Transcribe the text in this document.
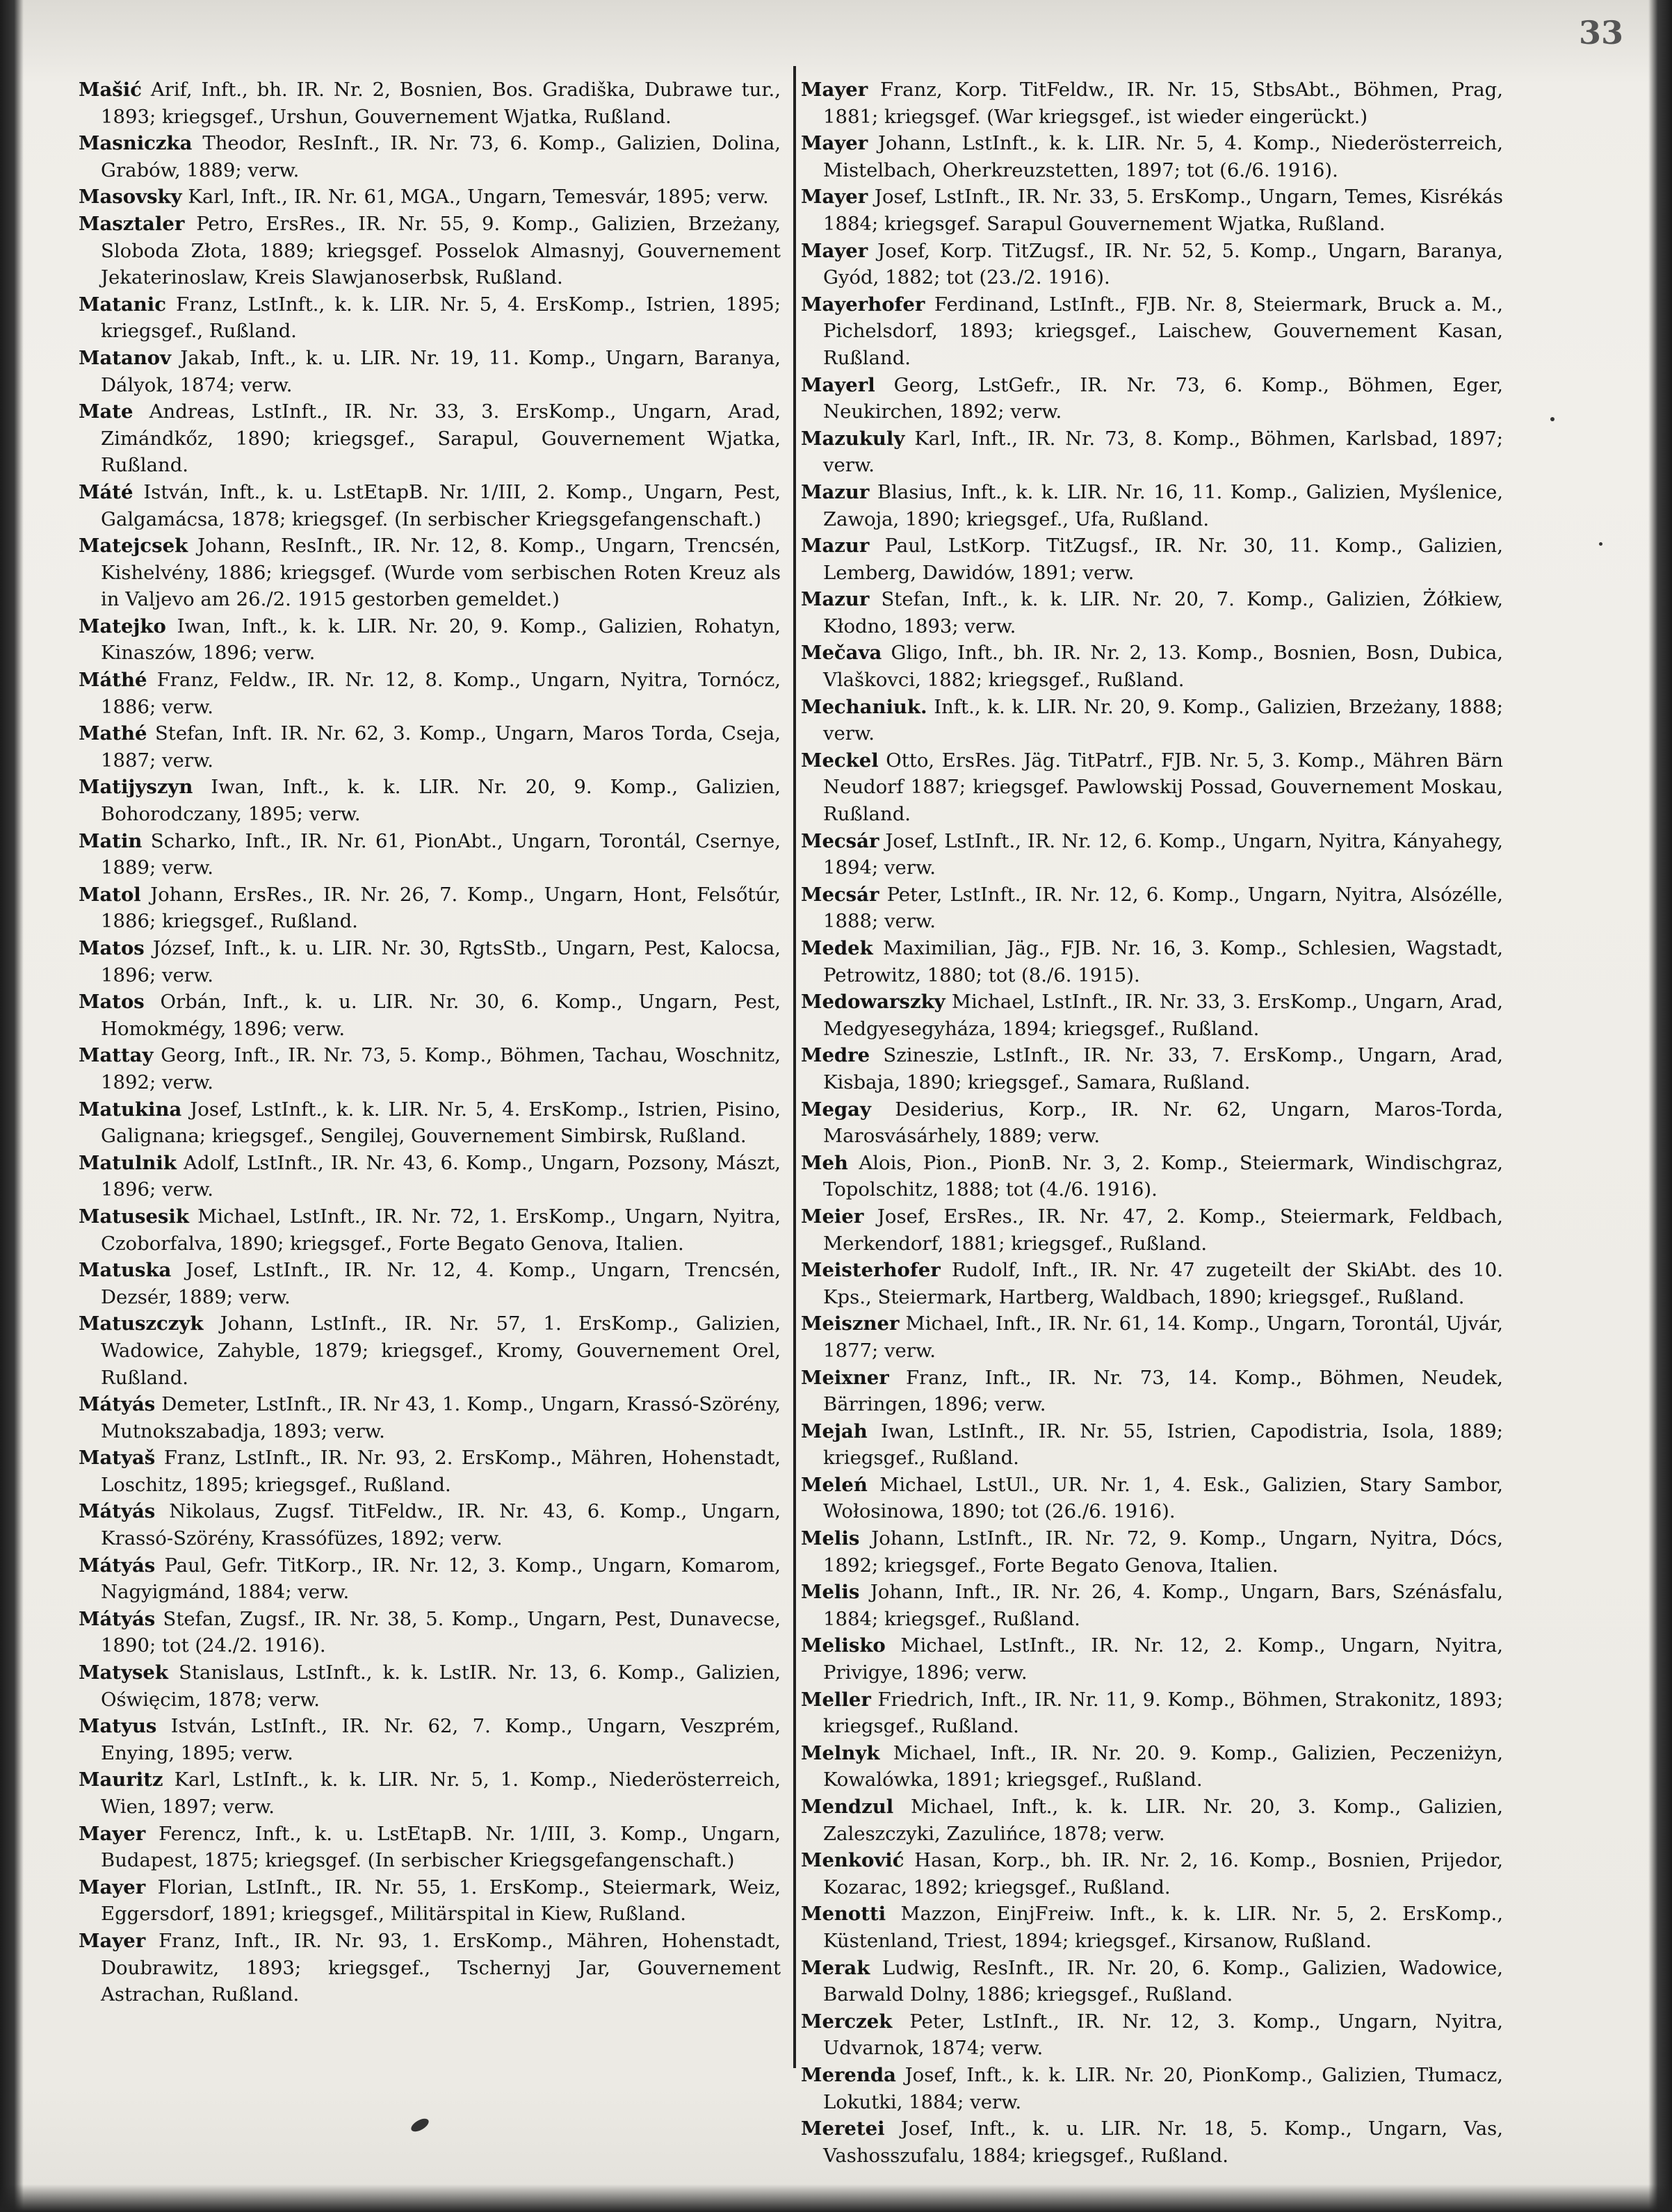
33

Mašić Arif, Inft., bh. IR. Nr. 2, Bosnien, Bos. Gradiška, Dubrawe tur., 1893; kriegsgef., Urshun, Gouvernement Wjatka, Rußland.

Masniczka Theodor, ResInft., IR. Nr. 73, 6. Komp., Galizien, Dolina, Grabów, 1889; verw.

Masovsky Karl, Inft., IR. Nr. 61, MGA., Ungarn, Temesvár, 1895; verw.

Masztaler Petro, ErsRes., IR. Nr. 55, 9. Komp., Galizien, Brzeżany, Sloboda Złota, 1889; kriegsgef. Posselok Almasnyj, Gouvernement Jekaterinoslaw, Kreis Slawjanoserbsk, Rußland.

Matanic Franz, LstInft., k. k. LIR. Nr. 5, 4. ErsKomp., Istrien, 1895; kriegsgef., Rußland.

Matanov Jakab, Inft., k. u. LIR. Nr. 19, 11. Komp., Ungarn, Baranya, Dályok, 1874; verw.

Mate Andreas, LstInft., IR. Nr. 33, 3. ErsKomp., Ungarn, Arad, Zimándkőz, 1890; kriegsgef., Sarapul, Gouvernement Wjatka, Rußland.

Máté István, Inft., k. u. LstEtapB. Nr. 1/III, 2. Komp., Ungarn, Pest, Galgamácsa, 1878; kriegsgef. (In serbischer Kriegsgefangenschaft.)

Matejcsek Johann, ResInft., IR. Nr. 12, 8. Komp., Ungarn, Trencsén, Kishelvény, 1886; kriegsgef. (Wurde vom serbischen Roten Kreuz als in Valjevo am 26./2. 1915 gestorben gemeldet.)

Matejko Iwan, Inft., k. k. LIR. Nr. 20, 9. Komp., Galizien, Rohatyn, Kinaszów, 1896; verw.

Máthé Franz, Feldw., IR. Nr. 12, 8. Komp., Ungarn, Nyitra, Tornócz, 1886; verw.

Mathé Stefan, Inft. IR. Nr. 62, 3. Komp., Ungarn, Maros Torda, Cseja, 1887; verw.

Matijyszyn Iwan, Inft., k. k. LIR. Nr. 20, 9. Komp., Galizien, Bohorodczany, 1895; verw.

Matin Scharko, Inft., IR. Nr. 61, PionAbt., Ungarn, Torontál, Csernye, 1889; verw.

Matol Johann, ErsRes., IR. Nr. 26, 7. Komp., Ungarn, Hont, Felsőtúr, 1886; kriegsgef., Rußland.

Matos József, Inft., k. u. LIR. Nr. 30, RgtsStb., Ungarn, Pest, Kalocsa, 1896; verw.

Matos Orbán, Inft., k. u. LIR. Nr. 30, 6. Komp., Ungarn, Pest, Homokmégy, 1896; verw.

Mattay Georg, Inft., IR. Nr. 73, 5. Komp., Böhmen, Tachau, Woschnitz, 1892; verw.

Matukina Josef, LstInft., k. k. LIR. Nr. 5, 4. ErsKomp., Istrien, Pisino, Galignana; kriegsgef., Sengilej, Gouvernement Simbirsk, Rußland.

Matulnik Adolf, LstInft., IR. Nr. 43, 6. Komp., Ungarn, Pozsony, Mászt, 1896; verw.

Matusesik Michael, LstInft., IR. Nr. 72, 1. ErsKomp., Ungarn, Nyitra, Czoborfalva, 1890; kriegsgef., Forte Begato Genova, Italien.

Matuska Josef, LstInft., IR. Nr. 12, 4. Komp., Ungarn, Trencsén, Dezsér, 1889; verw.

Matuszczyk Johann, LstInft., IR. Nr. 57, 1. ErsKomp., Galizien, Wadowice, Zahyble, 1879; kriegsgef., Kromy, Gouvernement Orel, Rußland.

Mátyás Demeter, LstInft., IR. Nr 43, 1. Komp., Ungarn, Krassó-Szörény, Mutnokszabadja, 1893; verw.

Matyaš Franz, LstInft., IR. Nr. 93, 2. ErsKomp., Mähren, Hohenstadt, Loschitz, 1895; kriegsgef., Rußland.

Mátyás Nikolaus, Zugsf. TitFeldw., IR. Nr. 43, 6. Komp., Ungarn, Krassó-Szörény, Krassófüzes, 1892; verw.

Mátyás Paul, Gefr. TitKorp., IR. Nr. 12, 3. Komp., Ungarn, Komarom, Nagyigmánd, 1884; verw.

Mátyás Stefan, Zugsf., IR. Nr. 38, 5. Komp., Ungarn, Pest, Dunavecse, 1890; tot (24./2. 1916).

Matysek Stanislaus, LstInft., k. k. LstIR. Nr. 13, 6. Komp., Galizien, Oświęcim, 1878; verw.

Matyus István, LstInft., IR. Nr. 62, 7. Komp., Ungarn, Veszprém, Enying, 1895; verw.

Mauritz Karl, LstInft., k. k. LIR. Nr. 5, 1. Komp., Niederösterreich, Wien, 1897; verw.

Mayer Ferencz, Inft., k. u. LstEtapB. Nr. 1/III, 3. Komp., Ungarn, Budapest, 1875; kriegsgef. (In serbischer Kriegsgefangenschaft.)

Mayer Florian, LstInft., IR. Nr. 55, 1. ErsKomp., Steiermark, Weiz, Eggersdorf, 1891; kriegsgef., Militärspital in Kiew, Rußland.

Mayer Franz, Inft., IR. Nr. 93, 1. ErsKomp., Mähren, Hohenstadt, Doubrawitz, 1893; kriegsgef., Tschernyj Jar, Gouvernement Astrachan, Rußland.

Mayer Franz, Korp. TitFeldw., IR. Nr. 15, StbsAbt., Böhmen, Prag, 1881; kriegsgef. (War kriegsgef., ist wieder eingerückt.)

Mayer Johann, LstInft., k. k. LIR. Nr. 5, 4. Komp., Niederösterreich, Mistelbach, Oherkreuzstetten, 1897; tot (6./6. 1916).

Mayer Josef, LstInft., IR. Nr. 33, 5. ErsKomp., Ungarn, Temes, Kisrékás 1884; kriegsgef. Sarapul Gouvernement Wjatka, Rußland.

Mayer Josef, Korp. TitZugsf., IR. Nr. 52, 5. Komp., Ungarn, Baranya, Gyód, 1882; tot (23./2. 1916).

Mayerhofer Ferdinand, LstInft., FJB. Nr. 8, Steiermark, Bruck a. M., Pichelsdorf, 1893; kriegsgef., Laischew, Gouvernement Kasan, Rußland.

Mayerl Georg, LstGefr., IR. Nr. 73, 6. Komp., Böhmen, Eger, Neukirchen, 1892; verw.

Mazukuly Karl, Inft., IR. Nr. 73, 8. Komp., Böhmen, Karlsbad, 1897; verw.

Mazur Blasius, Inft., k. k. LIR. Nr. 16, 11. Komp., Galizien, Myślenice, Zawoja, 1890; kriegsgef., Ufa, Rußland.

Mazur Paul, LstKorp. TitZugsf., IR. Nr. 30, 11. Komp., Galizien, Lemberg, Dawidów, 1891; verw.

Mazur Stefan, Inft., k. k. LIR. Nr. 20, 7. Komp., Galizien, Żółkiew, Kłodno, 1893; verw.

Mečava Gligo, Inft., bh. IR. Nr. 2, 13. Komp., Bosnien, Bosn, Dubica, Vlaškovci, 1882; kriegsgef., Rußland.

Mechaniuk. Inft., k. k. LIR. Nr. 20, 9. Komp., Galizien, Brzeżany, 1888; verw.

Meckel Otto, ErsRes. Jäg. TitPatrf., FJB. Nr. 5, 3. Komp., Mähren Bärn Neudorf 1887; kriegsgef. Pawlowskij Possad, Gouvernement Moskau, Rußland.

Mecsár Josef, LstInft., IR. Nr. 12, 6. Komp., Ungarn, Nyitra, Kányahegy, 1894; verw.

Mecsár Peter, LstInft., IR. Nr. 12, 6. Komp., Ungarn, Nyitra, Alsózélle, 1888; verw.

Medek Maximilian, Jäg., FJB. Nr. 16, 3. Komp., Schlesien, Wagstadt, Petrowitz, 1880; tot (8./6. 1915).

Medowarszky Michael, LstInft., IR. Nr. 33, 3. ErsKomp., Ungarn, Arad, Medgyesegyháza, 1894; kriegsgef., Rußland.

Medre Szineszie, LstInft., IR. Nr. 33, 7. ErsKomp., Ungarn, Arad, Kisbaja, 1890; kriegsgef., Samara, Rußland.

Megay Desiderius, Korp., IR. Nr. 62, Ungarn, Maros-Torda, Marosvásárhely, 1889; verw.

Meh Alois, Pion., PionB. Nr. 3, 2. Komp., Steiermark, Windischgraz, Topolschitz, 1888; tot (4./6. 1916).

Meier Josef, ErsRes., IR. Nr. 47, 2. Komp., Steiermark, Feldbach, Merkendorf, 1881; kriegsgef., Rußland.

Meisterhofer Rudolf, Inft., IR. Nr. 47 zugeteilt der SkiAbt. des 10. Kps., Steiermark, Hartberg, Waldbach, 1890; kriegsgef., Rußland.

Meiszner Michael, Inft., IR. Nr. 61, 14. Komp., Ungarn, Torontál, Ujvár, 1877; verw.

Meixner Franz, Inft., IR. Nr. 73, 14. Komp., Böhmen, Neudek, Bärringen, 1896; verw.

Mejah Iwan, LstInft., IR. Nr. 55, Istrien, Capodistria, Isola, 1889; kriegsgef., Rußland.

Meleń Michael, LstUl., UR. Nr. 1, 4. Esk., Galizien, Stary Sambor, Wołosinowa, 1890; tot (26./6. 1916).

Melis Johann, LstInft., IR. Nr. 72, 9. Komp., Ungarn, Nyitra, Dócs, 1892; kriegsgef., Forte Begato Genova, Italien.

Melis Johann, Inft., IR. Nr. 26, 4. Komp., Ungarn, Bars, Szénásfalu, 1884; kriegsgef., Rußland.

Melisko Michael, LstInft., IR. Nr. 12, 2. Komp., Ungarn, Nyitra, Privigye, 1896; verw.

Meller Friedrich, Inft., IR. Nr. 11, 9. Komp., Böhmen, Strakonitz, 1893; kriegsgef., Rußland.

Melnyk Michael, Inft., IR. Nr. 20. 9. Komp., Galizien, Peczeniżyn, Kowalówka, 1891; kriegsgef., Rußland.

Mendzul Michael, Inft., k. k. LIR. Nr. 20, 3. Komp., Galizien, Zaleszczyki, Zazulińce, 1878; verw.

Menković Hasan, Korp., bh. IR. Nr. 2, 16. Komp., Bosnien, Prijedor, Kozarac, 1892; kriegsgef., Rußland.

Menotti Mazzon, EinjFreiw. Inft., k. k. LIR. Nr. 5, 2. ErsKomp., Küstenland, Triest, 1894; kriegsgef., Kirsanow, Rußland.

Merak Ludwig, ResInft., IR. Nr. 20, 6. Komp., Galizien, Wadowice, Barwald Dolny, 1886; kriegsgef., Rußland.

Merczek Peter, LstInft., IR. Nr. 12, 3. Komp., Ungarn, Nyitra, Udvarnok, 1874; verw.

Merenda Josef, Inft., k. k. LIR. Nr. 20, PionKomp., Galizien, Tłumacz, Lokutki, 1884; verw.

Meretei Josef, Inft., k. u. LIR. Nr. 18, 5. Komp., Ungarn, Vas, Vashosszufalu, 1884; kriegsgef., Rußland.
